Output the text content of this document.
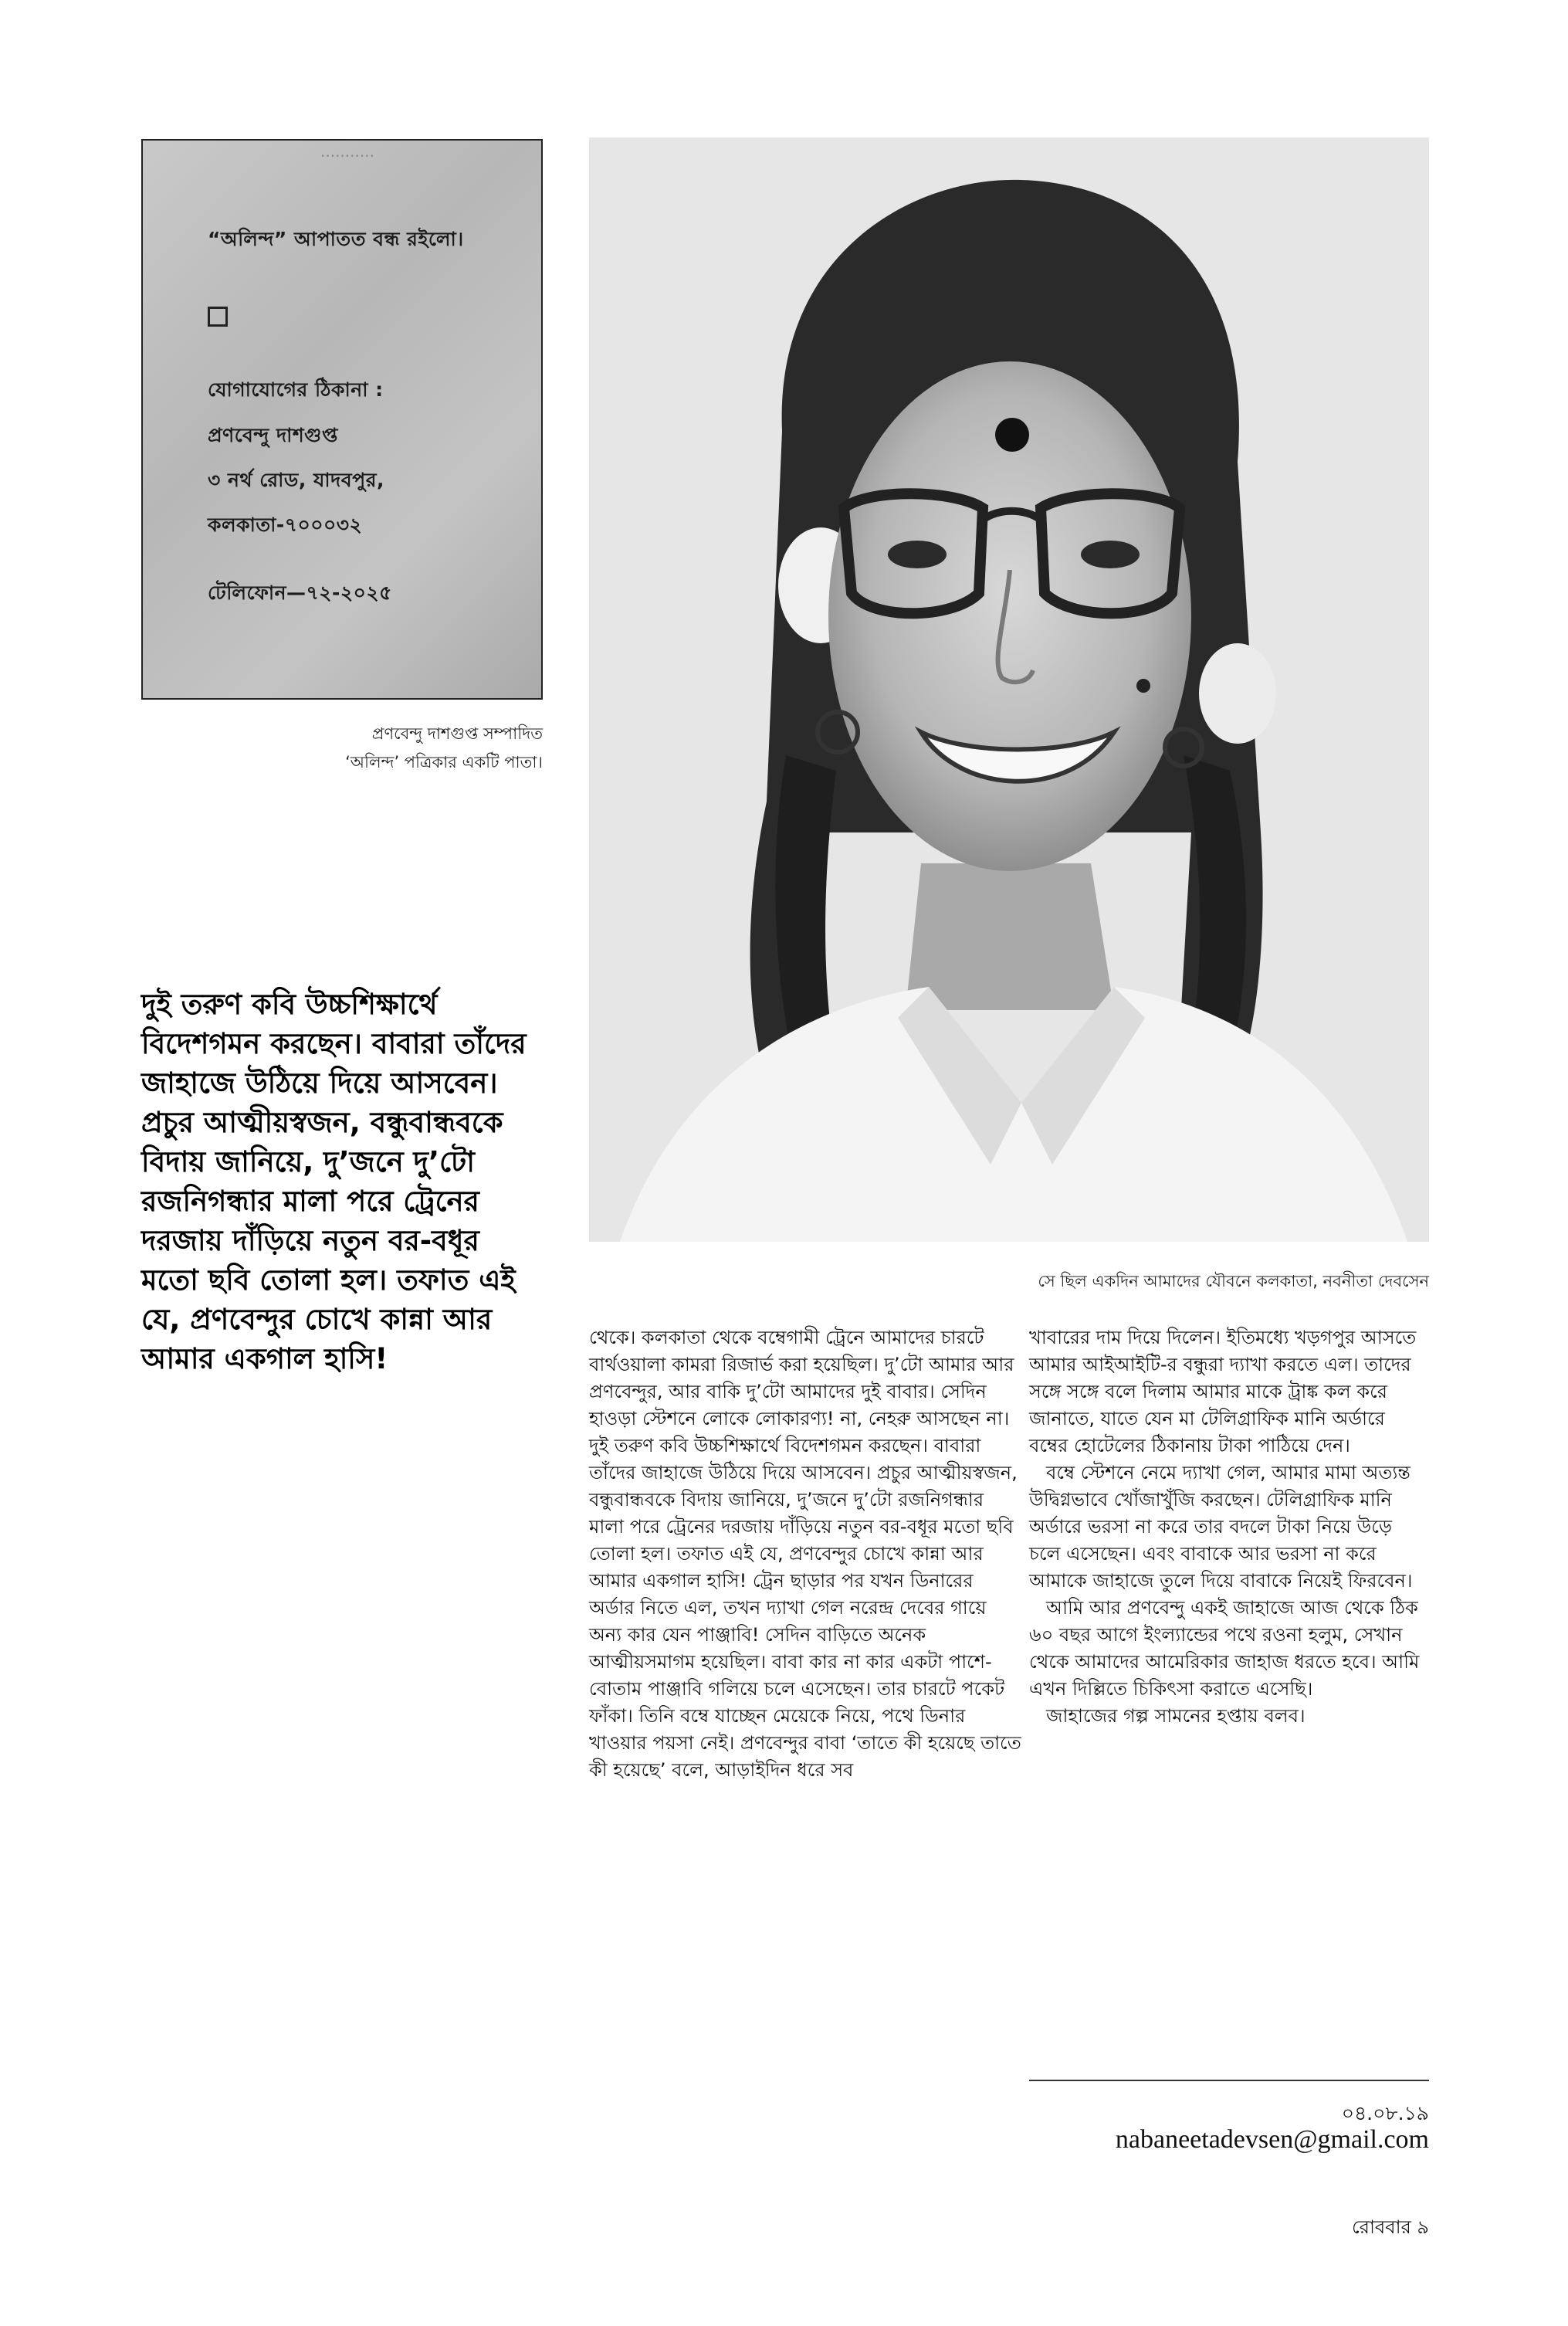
···········
“অলিন্দ” আপাতত বন্ধ রইলো।
যোগাযোগের ঠিকানা :
প্রণবেন্দু দাশগুপ্ত
৩ নর্থ রোড, যাদবপুর,
কলকাতা-৭০০০৩২
টেলিফোন—৭২-২০২৫
প্রণবেন্দু দাশগুপ্ত সম্পাদিত
‘অলিন্দ’ পত্রিকার একটি পাতা।
সে ছিল একদিন আমাদের যৌবনে কলকাতা, নবনীতা দেবসেন
দুই তরুণ কবি উচ্চশিক্ষার্থে বিদেশগমন করছেন। বাবারা তাঁদের জাহাজে উঠিয়ে দিয়ে আসবেন। প্রচুর আত্মীয়স্বজন, বন্ধুবান্ধবকে বিদায় জানিয়ে, দু’জনে দু’টো রজনিগন্ধার মালা পরে ট্রেনের দরজায় দাঁড়িয়ে নতুন বর-বধূর মতো ছবি তোলা হল। তফাত এই যে, প্রণবেন্দুর চোখে কান্না আর আমার একগাল হাসি!

থেকে। কলকাতা থেকে বম্বেগামী ট্রেনে আমাদের চারটে বার্থওয়ালা কামরা রিজার্ভ করা হয়েছিল। দু’টো আমার আর প্রণবেন্দুর, আর বাকি দু’টো আমাদের দুই বাবার। সেদিন হাওড়া স্টেশনে লোকে লোকারণ্য! না, নেহরু আসছেন না। দুই তরুণ কবি উচ্চশিক্ষার্থে বিদেশগমন করছেন। বাবারা তাঁদের জাহাজে উঠিয়ে দিয়ে আসবেন। প্রচুর আত্মীয়স্বজন, বন্ধুবান্ধবকে বিদায় জানিয়ে, দু’জনে দু’টো রজনিগন্ধার মালা পরে ট্রেনের দরজায় দাঁড়িয়ে নতুন বর-বধূর মতো ছবি তোলা হল। তফাত এই যে, প্রণবেন্দুর চোখে কান্না আর আমার একগাল হাসি! ট্রেন ছাড়ার পর যখন ডিনারের অর্ডার নিতে এল, তখন দ্যাখা গেল নরেন্দ্র দেবের গায়ে অন্য কার যেন পাঞ্জাবি! সেদিন বাড়িতে অনেক আত্মীয়সমাগম হয়েছিল। বাবা কার না কার একটা পাশে-বোতাম পাঞ্জাবি গলিয়ে চলে এসেছেন। তার চারটে পকেট ফাঁকা। তিনি বম্বে যাচ্ছেন মেয়েকে নিয়ে, পথে ডিনার খাওয়ার পয়সা নেই। প্রণবেন্দুর বাবা ‘তাতে কী হয়েছে তাতে কী হয়েছে’ বলে, আড়াইদিন ধরে সব

খাবারের দাম দিয়ে দিলেন। ইতিমধ্যে খড়গপুর আসতে আমার আইআইটি-র বন্ধুরা দ্যাখা করতে এল। তাদের সঙ্গে সঙ্গে বলে দিলাম আমার মাকে ট্রাঙ্ক কল করে জানাতে, যাতে যেন মা টেলিগ্রাফিক মানি অর্ডারে বম্বের হোটেলের ঠিকানায় টাকা পাঠিয়ে দেন।

বম্বে স্টেশনে নেমে দ্যাখা গেল, আমার মামা অত্যন্ত উদ্বিগ্নভাবে খোঁজাখুঁজি করছেন। টেলিগ্রাফিক মানি অর্ডারে ভরসা না করে তার বদলে টাকা নিয়ে উড়ে চলে এসেছেন। এবং বাবাকে আর ভরসা না করে আমাকে জাহাজে তুলে দিয়ে বাবাকে নিয়েই ফিরবেন।

আমি আর প্রণবেন্দু একই জাহাজে আজ থেকে ঠিক ৬০ বছর আগে ইংল্যান্ডের পথে রওনা হলুম, সেখান থেকে আমাদের আমেরিকার জাহাজ ধরতে হবে। আমি এখন দিল্লিতে চিকিৎসা করাতে এসেছি।

জাহাজের গল্প সামনের হপ্তায় বলব।

০৪.০৮.১৯
nabaneetadevsen@gmail.com
রোববার ৯
